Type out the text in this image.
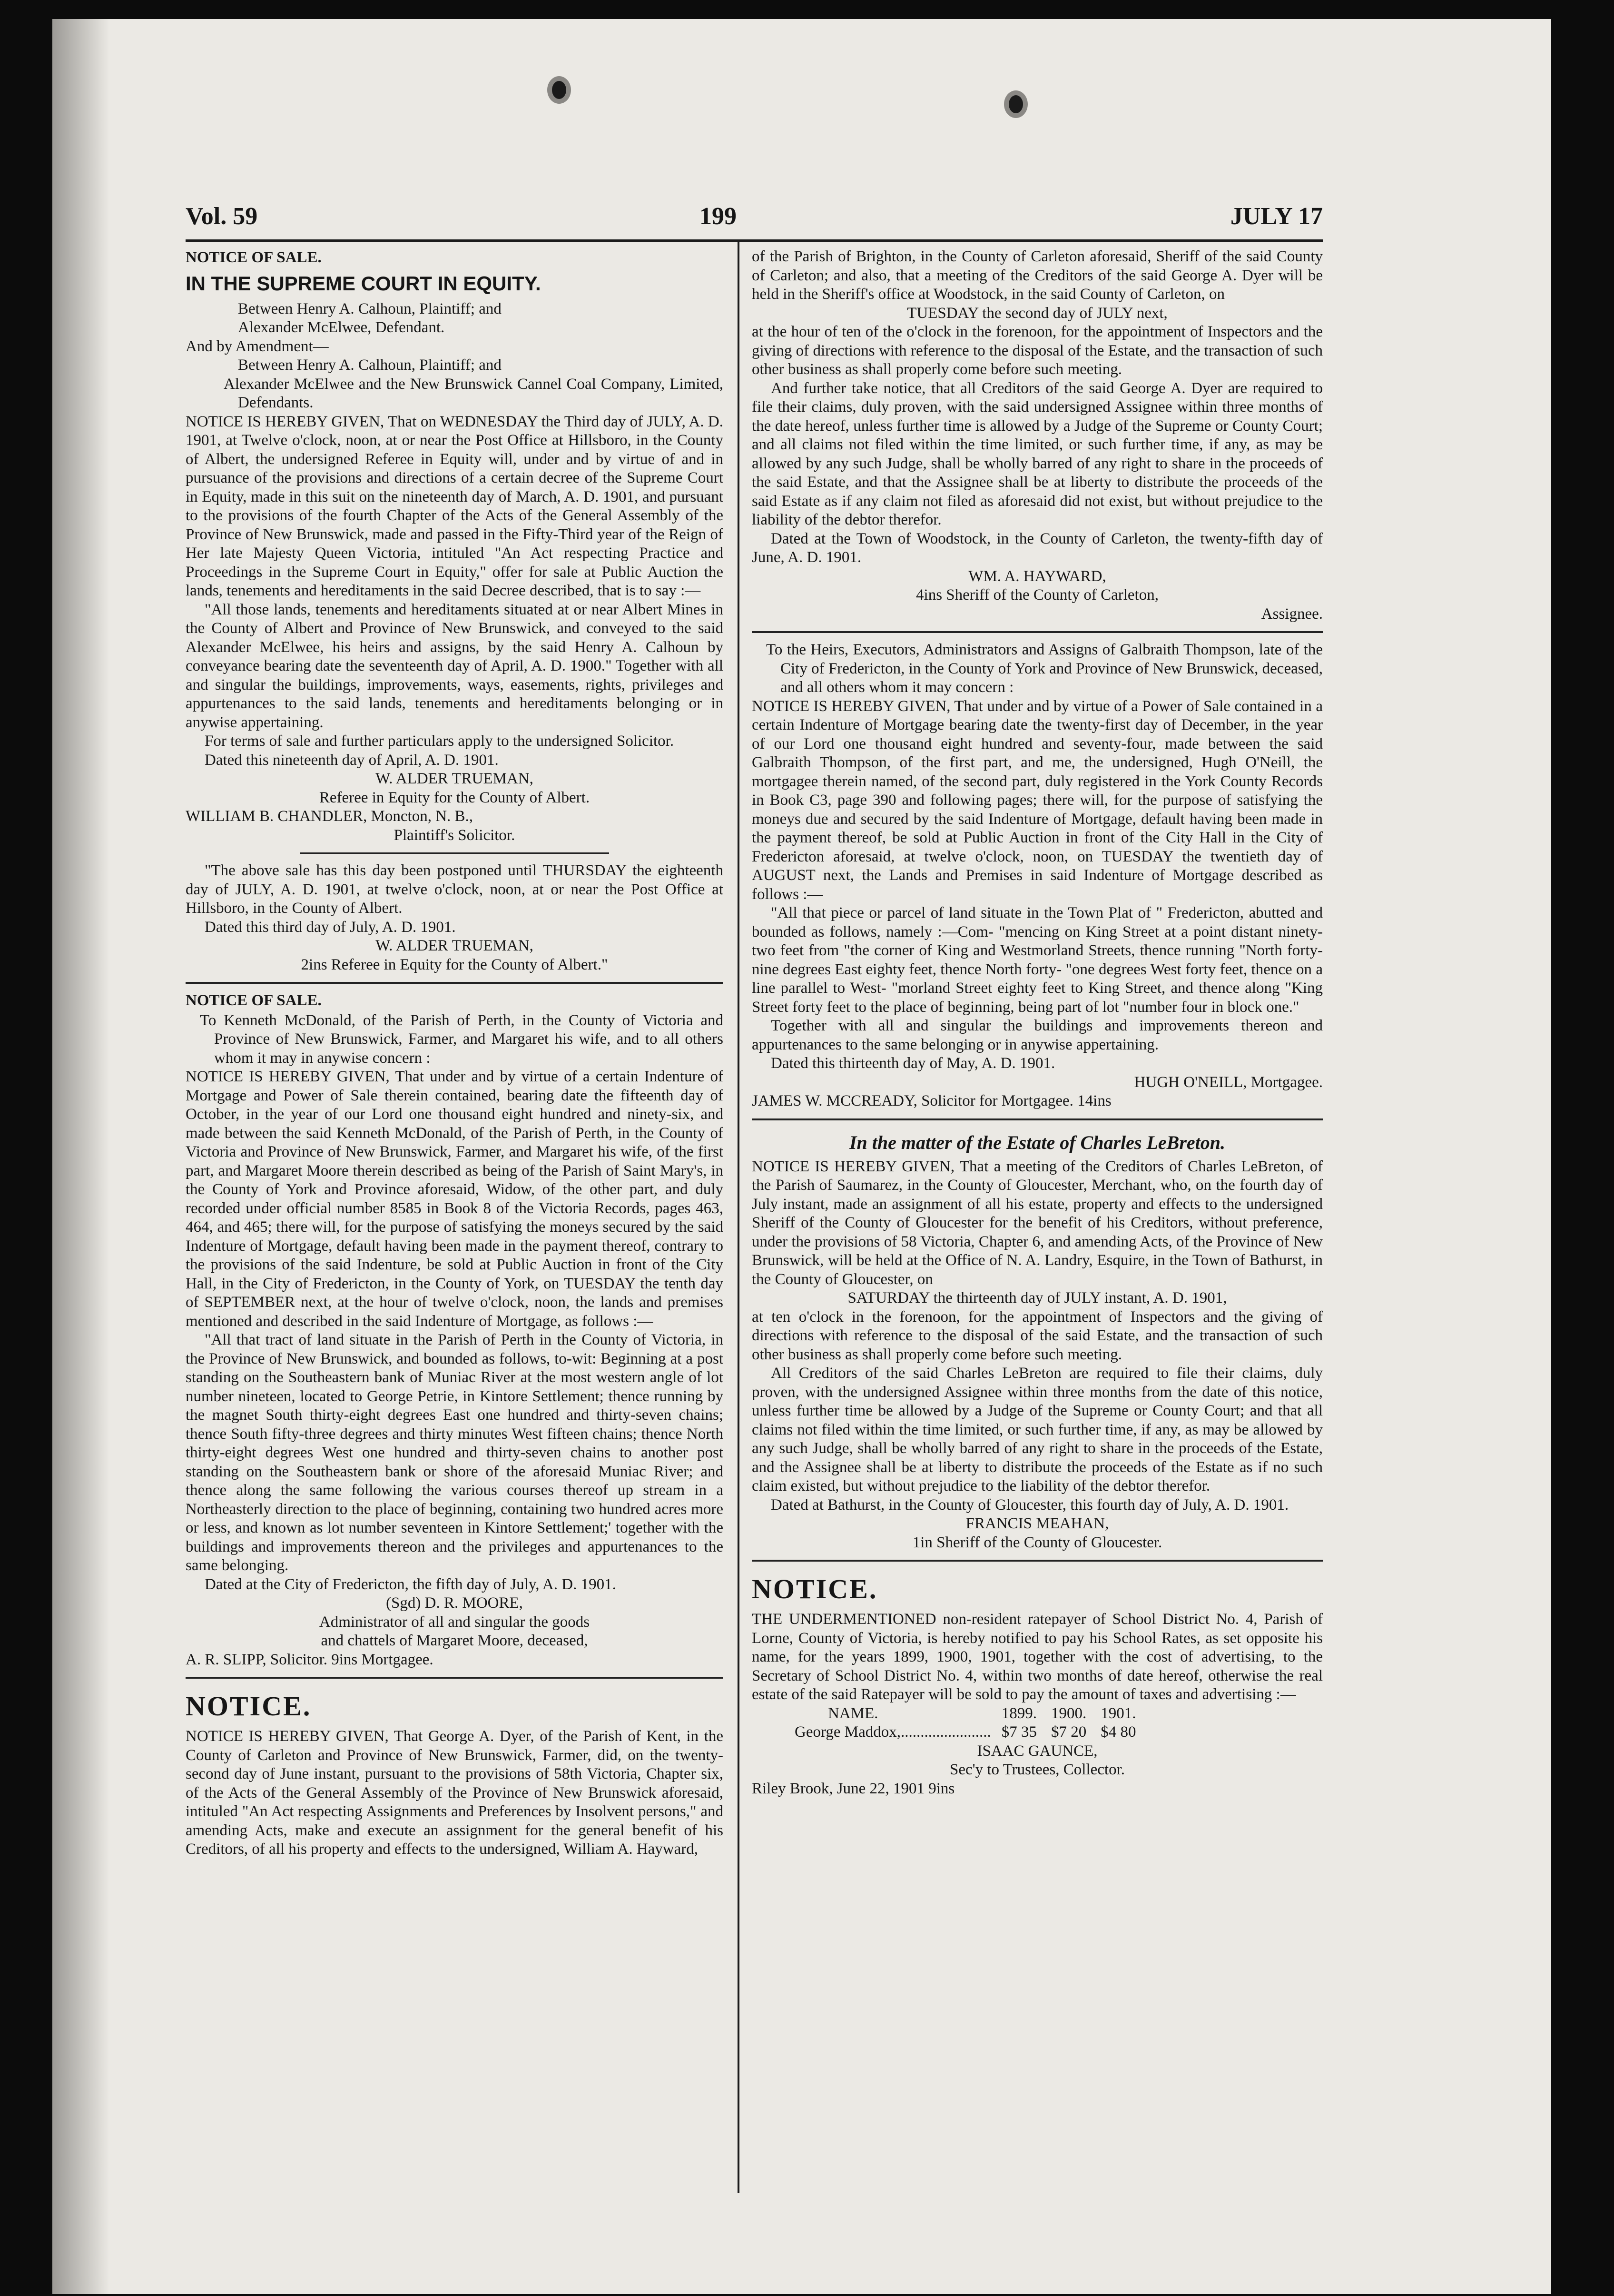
Vol. 59	199	JULY 17

NOTICE OF SALE.

IN THE SUPREME COURT IN EQUITY.

Between Henry A. Calhoun, Plaintiff; and

Alexander McElwee, Defendant.

And by Amendment—

Between Henry A. Calhoun, Plaintiff; and

Alexander McElwee and the New Brunswick Cannel Coal Company, Limited, Defendants.

NOTICE IS HEREBY GIVEN, That on WEDNESDAY the Third day of JULY, A. D. 1901, at Twelve o'clock, noon, at or near the Post Office at Hillsboro, in the County of Albert, the undersigned Referee in Equity will, under and by virtue of and in pursuance of the provisions and directions of a certain decree of the Supreme Court in Equity, made in this suit on the nineteenth day of March, A. D. 1901, and pursuant to the provisions of the fourth Chapter of the Acts of the General Assembly of the Province of New Brunswick, made and passed in the Fifty-Third year of the Reign of Her late Majesty Queen Victoria, intituled "An Act respecting Practice and Proceedings in the Supreme Court in Equity," offer for sale at Public Auction the lands, tenements and hereditaments in the said Decree described, that is to say :—

"All those lands, tenements and hereditaments situated at or near Albert Mines in the County of Albert and Province of New Brunswick, and conveyed to the said Alexander McElwee, his heirs and assigns, by the said Henry A. Calhoun by conveyance bearing date the seventeenth day of April, A. D. 1900." Together with all and singular the buildings, improvements, ways, easements, rights, privileges and appurtenances to the said lands, tenements and hereditaments belonging or in anywise appertaining.

For terms of sale and further particulars apply to the undersigned Solicitor.

Dated this nineteenth day of April, A. D. 1901.

W. ALDER TRUEMAN,

Referee in Equity for the County of Albert.

WILLIAM B. CHANDLER, Moncton, N. B.,

Plaintiff's Solicitor.

"The above sale has this day been postponed until THURSDAY the eighteenth day of JULY, A. D. 1901, at twelve o'clock, noon, at or near the Post Office at Hillsboro, in the County of Albert.

Dated this third day of July, A. D. 1901.

W. ALDER TRUEMAN,

2ins Referee in Equity for the County of Albert."

NOTICE OF SALE.

To Kenneth McDonald, of the Parish of Perth, in the County of Victoria and Province of New Brunswick, Farmer, and Margaret his wife, and to all others whom it may in anywise concern :

NOTICE IS HEREBY GIVEN, That under and by virtue of a certain Indenture of Mortgage and Power of Sale therein contained, bearing date the fifteenth day of October, in the year of our Lord one thousand eight hundred and ninety-six, and made between the said Kenneth McDonald, of the Parish of Perth, in the County of Victoria and Province of New Brunswick, Farmer, and Margaret his wife, of the first part, and Margaret Moore therein described as being of the Parish of Saint Mary's, in the County of York and Province aforesaid, Widow, of the other part, and duly recorded under official number 8585 in Book 8 of the Victoria Records, pages 463, 464, and 465; there will, for the purpose of satisfying the moneys secured by the said Indenture of Mortgage, default having been made in the payment thereof, contrary to the provisions of the said Indenture, be sold at Public Auction in front of the City Hall, in the City of Fredericton, in the County of York, on TUESDAY the tenth day of SEPTEMBER next, at the hour of twelve o'clock, noon, the lands and premises mentioned and described in the said Indenture of Mortgage, as follows :—

"All that tract of land situate in the Parish of Perth in the County of Victoria, in the Province of New Brunswick, and bounded as follows, to-wit: Beginning at a post standing on the Southeastern bank of Muniac River at the most western angle of lot number nineteen, located to George Petrie, in Kintore Settlement; thence running by the magnet South thirty-eight degrees East one hundred and thirty-seven chains; thence South fifty-three degrees and thirty minutes West fifteen chains; thence North thirty-eight degrees West one hundred and thirty-seven chains to another post standing on the Southeastern bank or shore of the aforesaid Muniac River; and thence along the same following the various courses thereof up stream in a Northeasterly direction to the place of beginning, containing two hundred acres more or less, and known as lot number seventeen in Kintore Settlement;' together with the buildings and improvements thereon and the privileges and appurtenances to the same belonging.

Dated at the City of Fredericton, the fifth day of July, A. D. 1901.

(Sgd) D. R. MOORE,

Administrator of all and singular the goods

and chattels of Margaret Moore, deceased,

A. R. SLIPP, Solicitor. 9ins Mortgagee.

NOTICE.

NOTICE IS HEREBY GIVEN, That George A. Dyer, of the Parish of Kent, in the County of Carleton and Province of New Brunswick, Farmer, did, on the twenty-second day of June instant, pursuant to the provisions of 58th Victoria, Chapter six, of the Acts of the General Assembly of the Province of New Brunswick aforesaid, intituled "An Act respecting Assignments and Preferences by Insolvent persons," and amending Acts, make and execute an assignment for the general benefit of his Creditors, of all his property and effects to the undersigned, William A. Hayward,

of the Parish of Brighton, in the County of Carleton aforesaid, Sheriff of the said County of Carleton; and also, that a meeting of the Creditors of the said George A. Dyer will be held in the Sheriff's office at Woodstock, in the said County of Carleton, on

TUESDAY the second day of JULY next,

at the hour of ten of the o'clock in the forenoon, for the appointment of Inspectors and the giving of directions with reference to the disposal of the Estate, and the transaction of such other business as shall properly come before such meeting.

And further take notice, that all Creditors of the said George A. Dyer are required to file their claims, duly proven, with the said undersigned Assignee within three months of the date hereof, unless further time is allowed by a Judge of the Supreme or County Court; and all claims not filed within the time limited, or such further time, if any, as may be allowed by any such Judge, shall be wholly barred of any right to share in the proceeds of the said Estate, and that the Assignee shall be at liberty to distribute the proceeds of the said Estate as if any claim not filed as aforesaid did not exist, but without prejudice to the liability of the debtor therefor.

Dated at the Town of Woodstock, in the County of Carleton, the twenty-fifth day of June, A. D. 1901.

WM. A. HAYWARD,

4ins Sheriff of the County of Carleton,

Assignee.

To the Heirs, Executors, Administrators and Assigns of Galbraith Thompson, late of the City of Fredericton, in the County of York and Province of New Brunswick, deceased, and all others whom it may concern :

NOTICE IS HEREBY GIVEN, That under and by virtue of a Power of Sale contained in a certain Indenture of Mortgage bearing date the twenty-first day of December, in the year of our Lord one thousand eight hundred and seventy-four, made between the said Galbraith Thompson, of the first part, and me, the undersigned, Hugh O'Neill, the mortgagee therein named, of the second part, duly registered in the York County Records in Book C3, page 390 and following pages; there will, for the purpose of satisfying the moneys due and secured by the said Indenture of Mortgage, default having been made in the payment thereof, be sold at Public Auction in front of the City Hall in the City of Fredericton aforesaid, at twelve o'clock, noon, on TUESDAY the twentieth day of AUGUST next, the Lands and Premises in said Indenture of Mortgage described as follows :—

"All that piece or parcel of land situate in the Town Plat of " Fredericton, abutted and bounded as follows, namely :—Com- "mencing on King Street at a point distant ninety-two feet from "the corner of King and Westmorland Streets, thence running "North forty-nine degrees East eighty feet, thence North forty- "one degrees West forty feet, thence on a line parallel to West- "morland Street eighty feet to King Street, and thence along "King Street forty feet to the place of beginning, being part of lot "number four in block one."

Together with all and singular the buildings and improvements thereon and appurtenances to the same belonging or in anywise appertaining.

Dated this thirteenth day of May, A. D. 1901.

HUGH O'NEILL, Mortgagee.

JAMES W. MCCREADY, Solicitor for Mortgagee. 14ins

In the matter of the Estate of Charles LeBreton.

NOTICE IS HEREBY GIVEN, That a meeting of the Creditors of Charles LeBreton, of the Parish of Saumarez, in the County of Gloucester, Merchant, who, on the fourth day of July instant, made an assignment of all his estate, property and effects to the undersigned Sheriff of the County of Gloucester for the benefit of his Creditors, without preference, under the provisions of 58 Victoria, Chapter 6, and amending Acts, of the Province of New Brunswick, will be held at the Office of N. A. Landry, Esquire, in the Town of Bathurst, in the County of Gloucester, on

SATURDAY the thirteenth day of JULY instant, A. D. 1901,

at ten o'clock in the forenoon, for the appointment of Inspectors and the giving of directions with reference to the disposal of the said Estate, and the transaction of such other business as shall properly come before such meeting.

All Creditors of the said Charles LeBreton are required to file their claims, duly proven, with the undersigned Assignee within three months from the date of this notice, unless further time be allowed by a Judge of the Supreme or County Court; and that all claims not filed within the time limited, or such further time, if any, as may be allowed by any such Judge, shall be wholly barred of any right to share in the proceeds of the Estate, and the Assignee shall be at liberty to distribute the proceeds of the Estate as if no such claim existed, but without prejudice to the liability of the debtor therefor.

Dated at Bathurst, in the County of Gloucester, this fourth day of July, A. D. 1901.

FRANCIS MEAHAN,

1in Sheriff of the County of Gloucester.

NOTICE.

THE UNDERMENTIONED non-resident ratepayer of School District No. 4, Parish of Lorne, County of Victoria, is hereby notified to pay his School Rates, as set opposite his name, for the years 1899, 1900, 1901, together with the cost of advertising, to the Secretary of School District No. 4, within two months of date hereof, otherwise the real estate of the said Ratepayer will be sold to pay the amount of taxes and advertising :—

NAME.		1899.	1900.	1901.
George Maddox,.......................		$7 35	$7 20	$4 80

ISAAC GAUNCE,

Sec'y to Trustees, Collector.

Riley Brook, June 22, 1901 9ins
